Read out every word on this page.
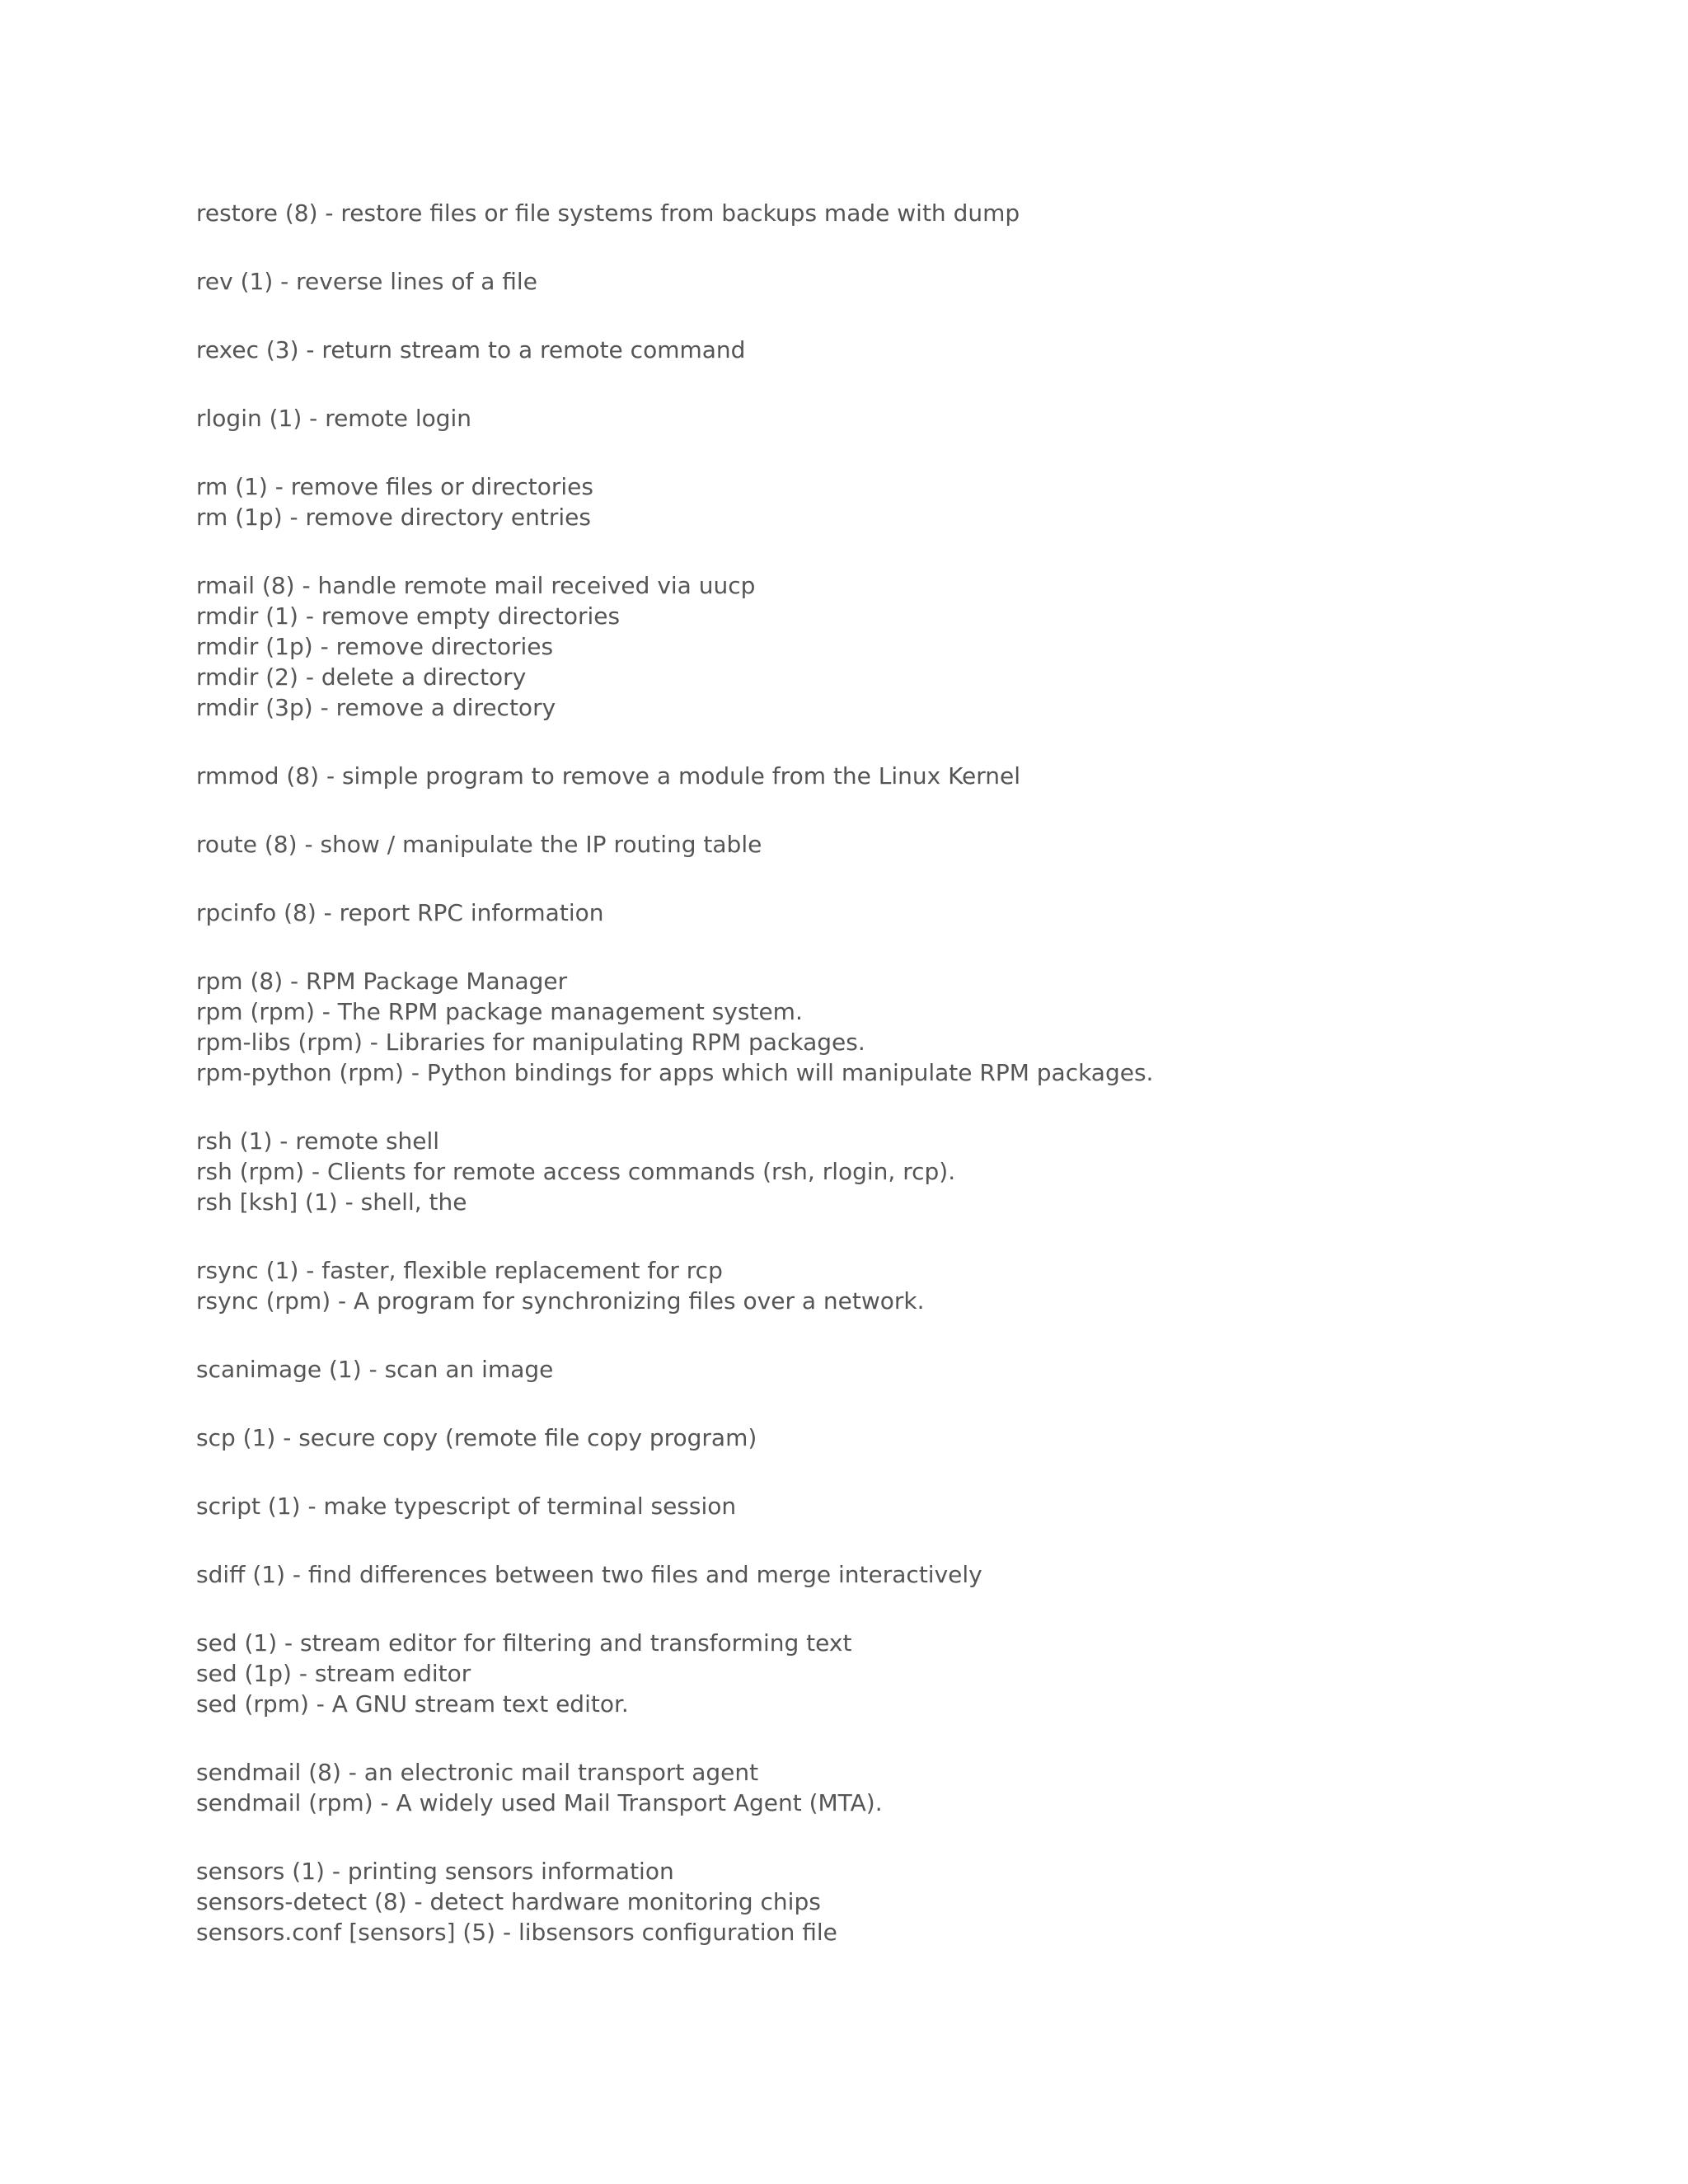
restore (8) - restore files or file systems from backups made with dump
rev (1) - reverse lines of a file
rexec (3) - return stream to a remote command
rlogin (1) - remote login
rm (1) - remove files or directories
rm (1p) - remove directory entries
rmail (8) - handle remote mail received via uucp
rmdir (1) - remove empty directories
rmdir (1p) - remove directories
rmdir (2) - delete a directory
rmdir (3p) - remove a directory
rmmod (8) - simple program to remove a module from the Linux Kernel
route (8) - show / manipulate the IP routing table
rpcinfo (8) - report RPC information
rpm (8) - RPM Package Manager
rpm (rpm) - The RPM package management system.
rpm-libs (rpm) - Libraries for manipulating RPM packages.
rpm-python (rpm) - Python bindings for apps which will manipulate RPM packages.
rsh (1) - remote shell
rsh (rpm) - Clients for remote access commands (rsh, rlogin, rcp).
rsh [ksh] (1) - shell, the
rsync (1) - faster, flexible replacement for rcp
rsync (rpm) - A program for synchronizing files over a network.
scanimage (1) - scan an image
scp (1) - secure copy (remote file copy program)
script (1) - make typescript of terminal session
sdiff (1) - find differences between two files and merge interactively
sed (1) - stream editor for filtering and transforming text
sed (1p) - stream editor
sed (rpm) - A GNU stream text editor.
sendmail (8) - an electronic mail transport agent
sendmail (rpm) - A widely used Mail Transport Agent (MTA).
sensors (1) - printing sensors information
sensors-detect (8) - detect hardware monitoring chips
sensors.conf [sensors] (5) - libsensors configuration file
